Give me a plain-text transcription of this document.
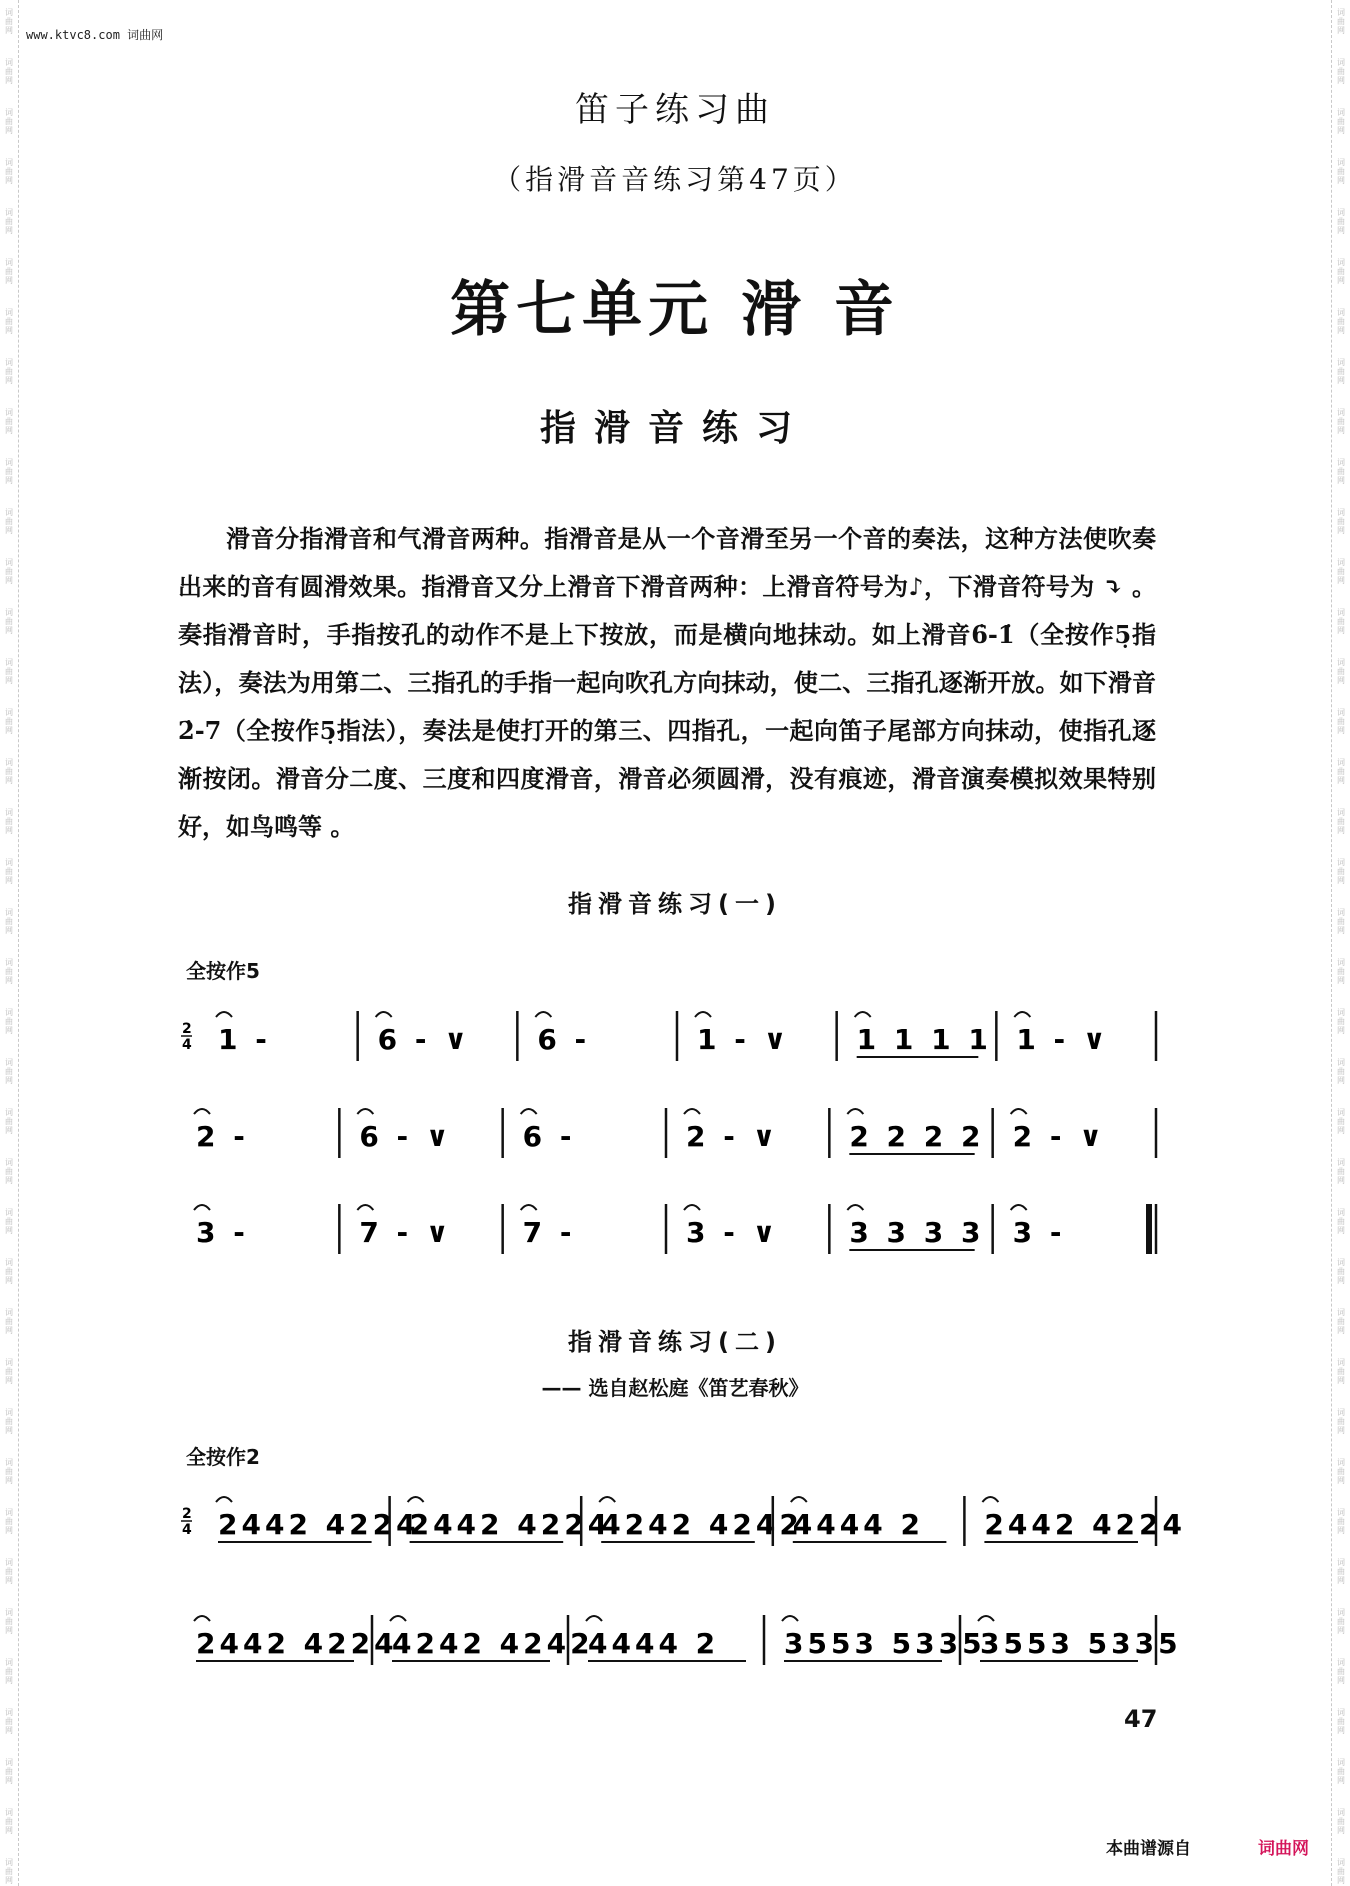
词
曲
网
词
曲
网
词
曲
网
词
曲
网
词
曲
网
词
曲
网
词
曲
网
词
曲
网
词
曲
网
词
曲
网
词
曲
网
词
曲
网
词
曲
网
词
曲
网
词
曲
网
词
曲
网
词
曲
网
词
曲
网
词
曲
网
词
曲
网
词
曲
网
词
曲
网
词
曲
网
词
曲
网
词
曲
网
词
曲
网
词
曲
网
词
曲
网
词
曲
网
词
曲
网
词
曲
网
词
曲
网
词
曲
网
词
曲
网
词
曲
网
词
曲
网
词
曲
网
词
曲
网
词
曲
网
词
曲
网
词
曲
网
词
曲
网
词
曲
网
词
曲
网
词
曲
网
词
曲
网
词
曲
网
词
曲
网
词
曲
网
词
曲
网
词
曲
网
词
曲
网
词
曲
网
词
曲
网
词
曲
网
词
曲
网
词
曲
网
词
曲
网
词
曲
网
词
曲
网
词
曲
网
词
曲
网
词
曲
网
词
曲
网
词
曲
网
词
曲
网
词
曲
网
词
曲
网
词
曲
网
词
曲
网
词
曲
网
词
曲
网
词
曲
网
词
曲
网
词
曲
网
词
曲
网
www.ktvc8.com 词曲网
笛子练习曲
（指滑音音练习第47页）
第七单元 滑 音
指滑音练习
滑音分指滑音和气滑音两种。指滑音是从一个音滑至另一个音的奏法，这种方法使吹奏出来的音有圆滑效果。指滑音又分上滑音下滑音两种：上滑音符号为♪，下滑音符号为 ⤵ 。奏指滑音时，手指按孔的动作不是上下按放，而是横向地抹动。如上滑音6̇-1̇（全按作5̣指法），奏法为用第二、三指孔的手指一起向吹孔方向抹动，使二、三指孔逐渐开放。如下滑音2̇-7（全按作5̣指法），奏法是使打开的第三、四指孔，一起向笛子尾部方向抹动，使指孔逐渐按闭。滑音分二度、三度和四度滑音，滑音必须圆滑，没有痕迹，滑音演奏模拟效果特别好，如鸟鸣等 。
指滑音练习(一)
全按作5
2
4 1 -	6 - ∨ 6 -	1 - ∨ 1 1 1 1 1 - ∨
2 -	6 - ∨ 6 -	2 - ∨ 2 2 2 2 2 - ∨
3 -	7 - ∨ 7 -	3 - ∨ 3 3 3 3 3 -
指滑音练习(二)
—— 选自赵松庭《笛艺春秋》
全按作2
2
4 2442 4224
2442 4224
4242 4242
4444 2 2442 4224
2442 4224
4242 4242
4444 2 3553 5335
3553 5335
47
本曲谱源自	词曲网
